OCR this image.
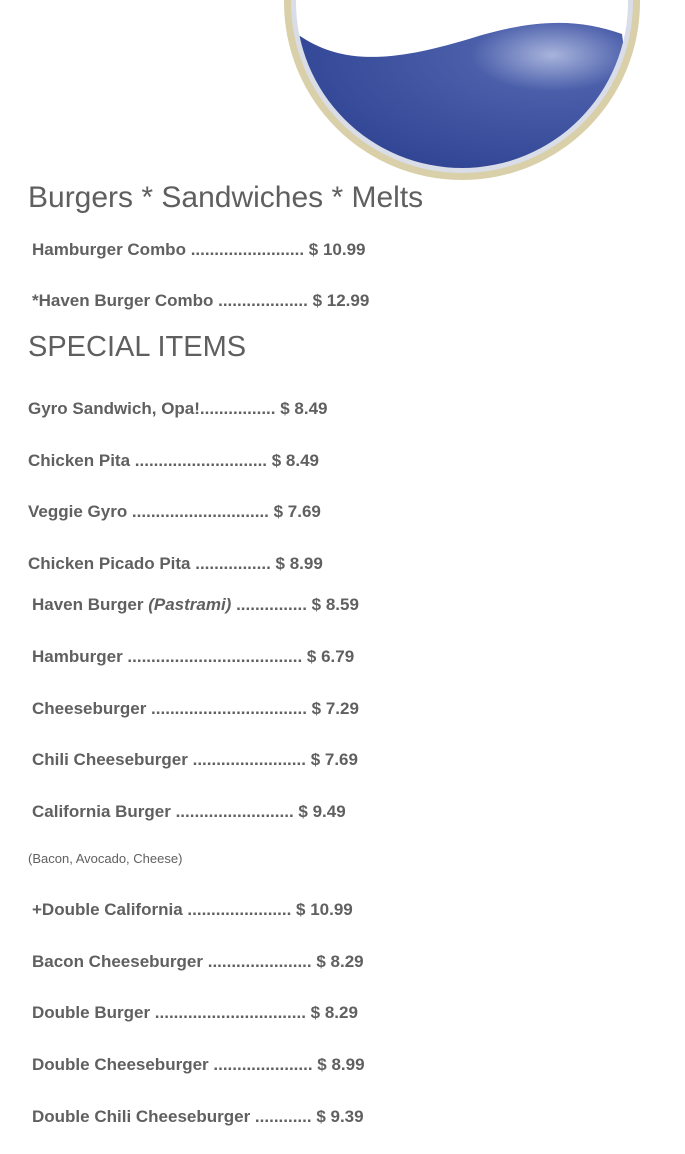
Burgers * Sandwiches * Melts
Hamburger Combo ........................ $ 10.99
*Haven Burger Combo ................... $ 12.99
SPECIAL ITEMS
Gyro Sandwich, Opa!................ $ 8.49
Chicken Pita ............................ $ 8.49
Veggie Gyro ............................. $ 7.69
Chicken Picado Pita ................ $ 8.99
Haven Burger (Pastrami) ............... $ 8.59
Hamburger ..................................... $ 6.79
Cheeseburger ................................. $ 7.29
Chili Cheeseburger ........................ $ 7.69
California Burger ......................... $ 9.49
(Bacon, Avocado, Cheese)
+Double California ...................... $ 10.99
Bacon Cheeseburger ...................... $ 8.29
Double Burger ................................ $ 8.29
Double Cheeseburger ..................... $ 8.99
Double Chili Cheeseburger ............ $ 9.39
